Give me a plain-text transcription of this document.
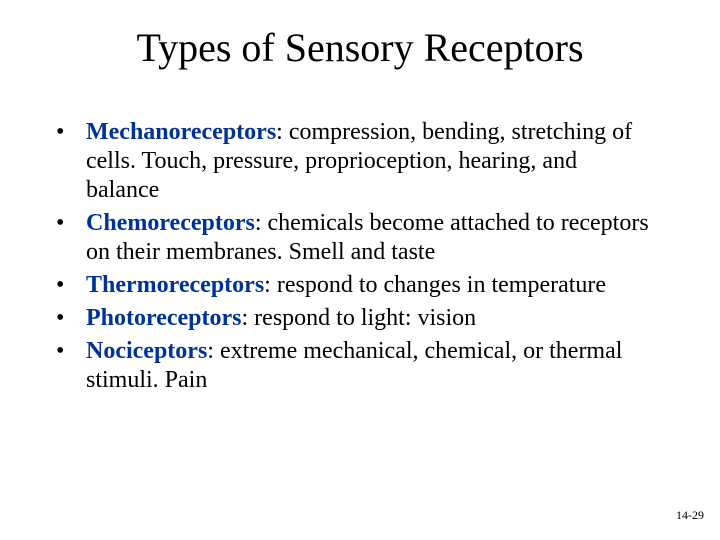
Types of Sensory Receptors
• Mechanoreceptors: compression, bending, stretching of cells. Touch, pressure, proprioception, hearing, and balance
• Chemoreceptors: chemicals become attached to receptors on their membranes. Smell and taste
• Thermoreceptors: respond to changes in temperature
• Photoreceptors: respond to light: vision
• Nociceptors: extreme mechanical, chemical, or thermal stimuli. Pain
14-29
